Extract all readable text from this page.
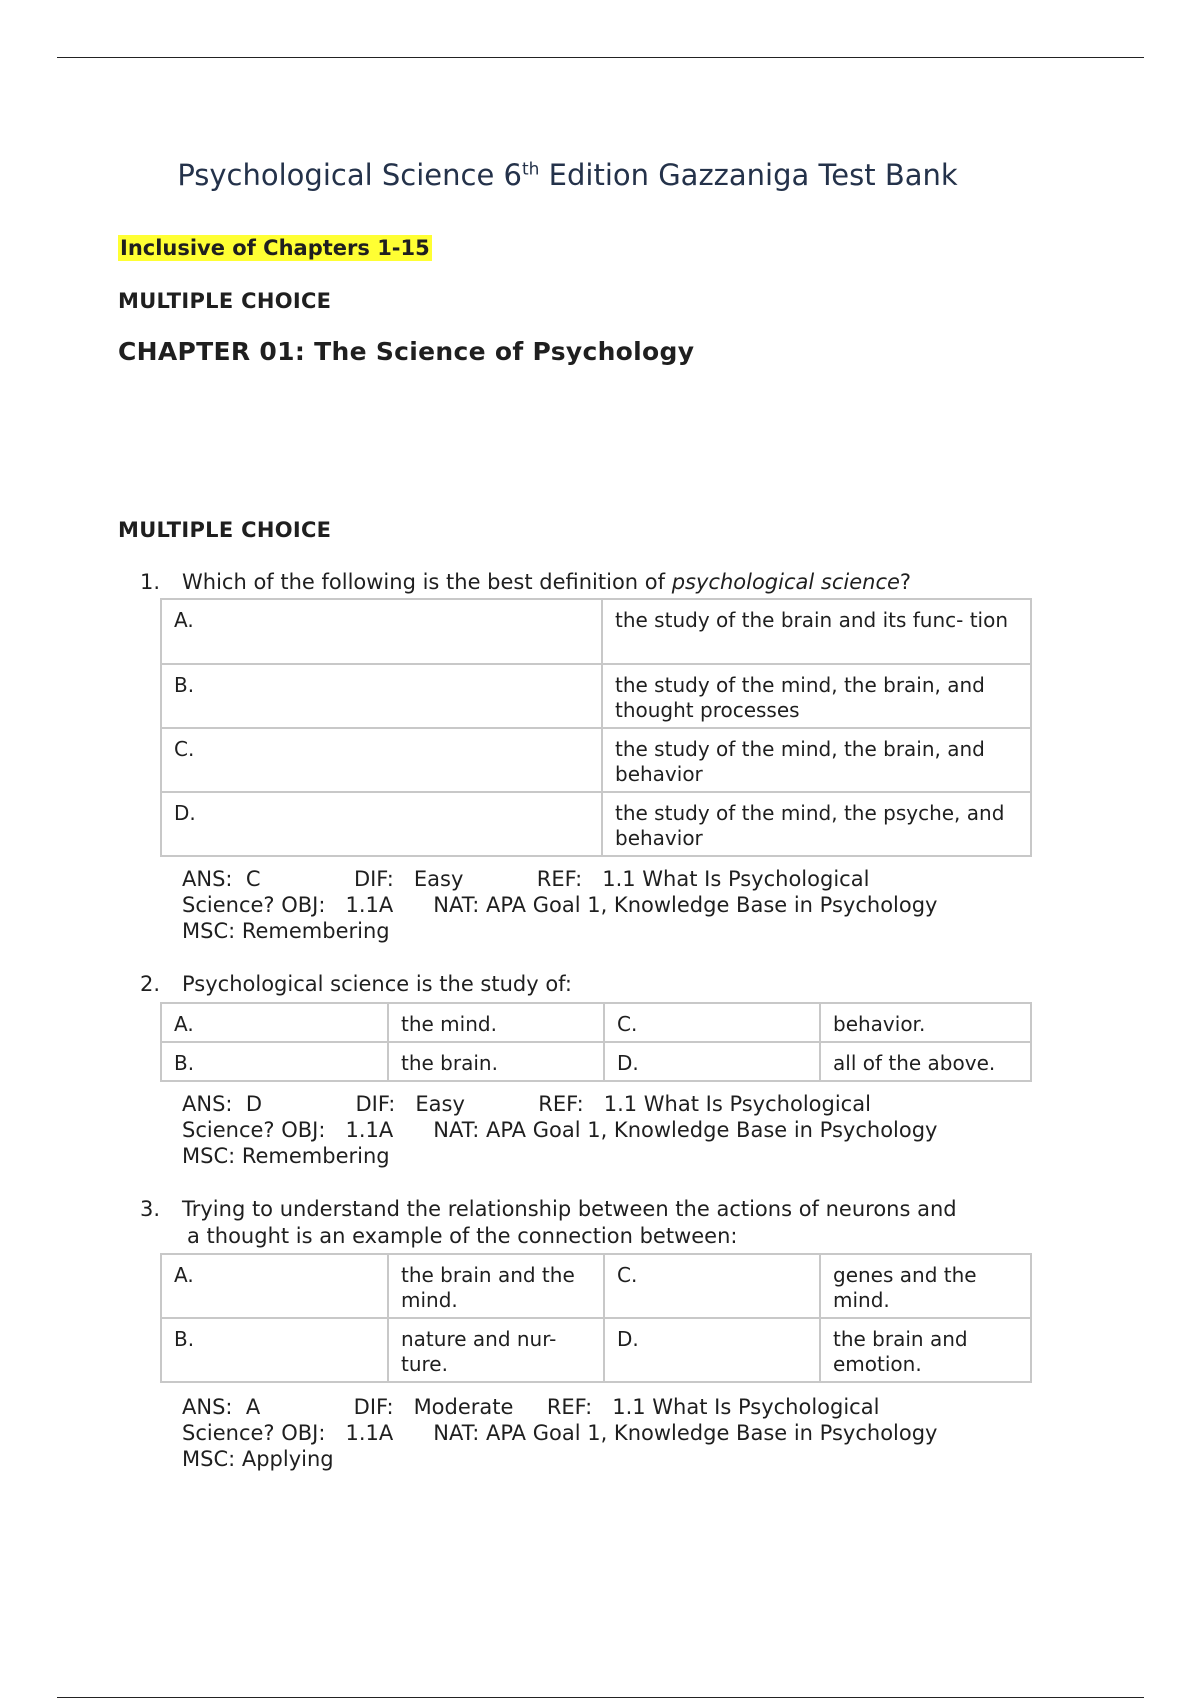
Psychological Science 6th Edition Gazzaniga Test Bank
Inclusive of Chapters 1-15
MULTIPLE CHOICE
CHAPTER 01: The Science of Psychology
MULTIPLE CHOICE
1. Which of the following is the best definition of psychological science?
A.	the study of the brain and its func- tion
B.	the study of the mind, the brain, and thought processes
C.	the study of the mind, the brain, and behavior
D.	the study of the mind, the psyche, and behavior
ANS:  C              DIF:   Easy           REF:   1.1 What Is Psychological
Science? OBJ:   1.1A      NAT: APA Goal 1, Knowledge Base in Psychology
MSC: Remembering
2. Psychological science is the study of:
A.	the mind.	C.	behavior.
B.	the brain.	D.	all of the above.
ANS:  D              DIF:   Easy           REF:   1.1 What Is Psychological
Science? OBJ:   1.1A      NAT: APA Goal 1, Knowledge Base in Psychology
MSC: Remembering
3. Trying to understand the relationship between the actions of neurons and
a thought is an example of the connection between:
A.	the brain and the mind.	C.	genes and the mind.
B.	nature and nur- ture.	D.	the brain and emotion.
ANS:  A              DIF:   Moderate     REF:   1.1 What Is Psychological
Science? OBJ:   1.1A      NAT: APA Goal 1, Knowledge Base in Psychology
MSC: Applying
